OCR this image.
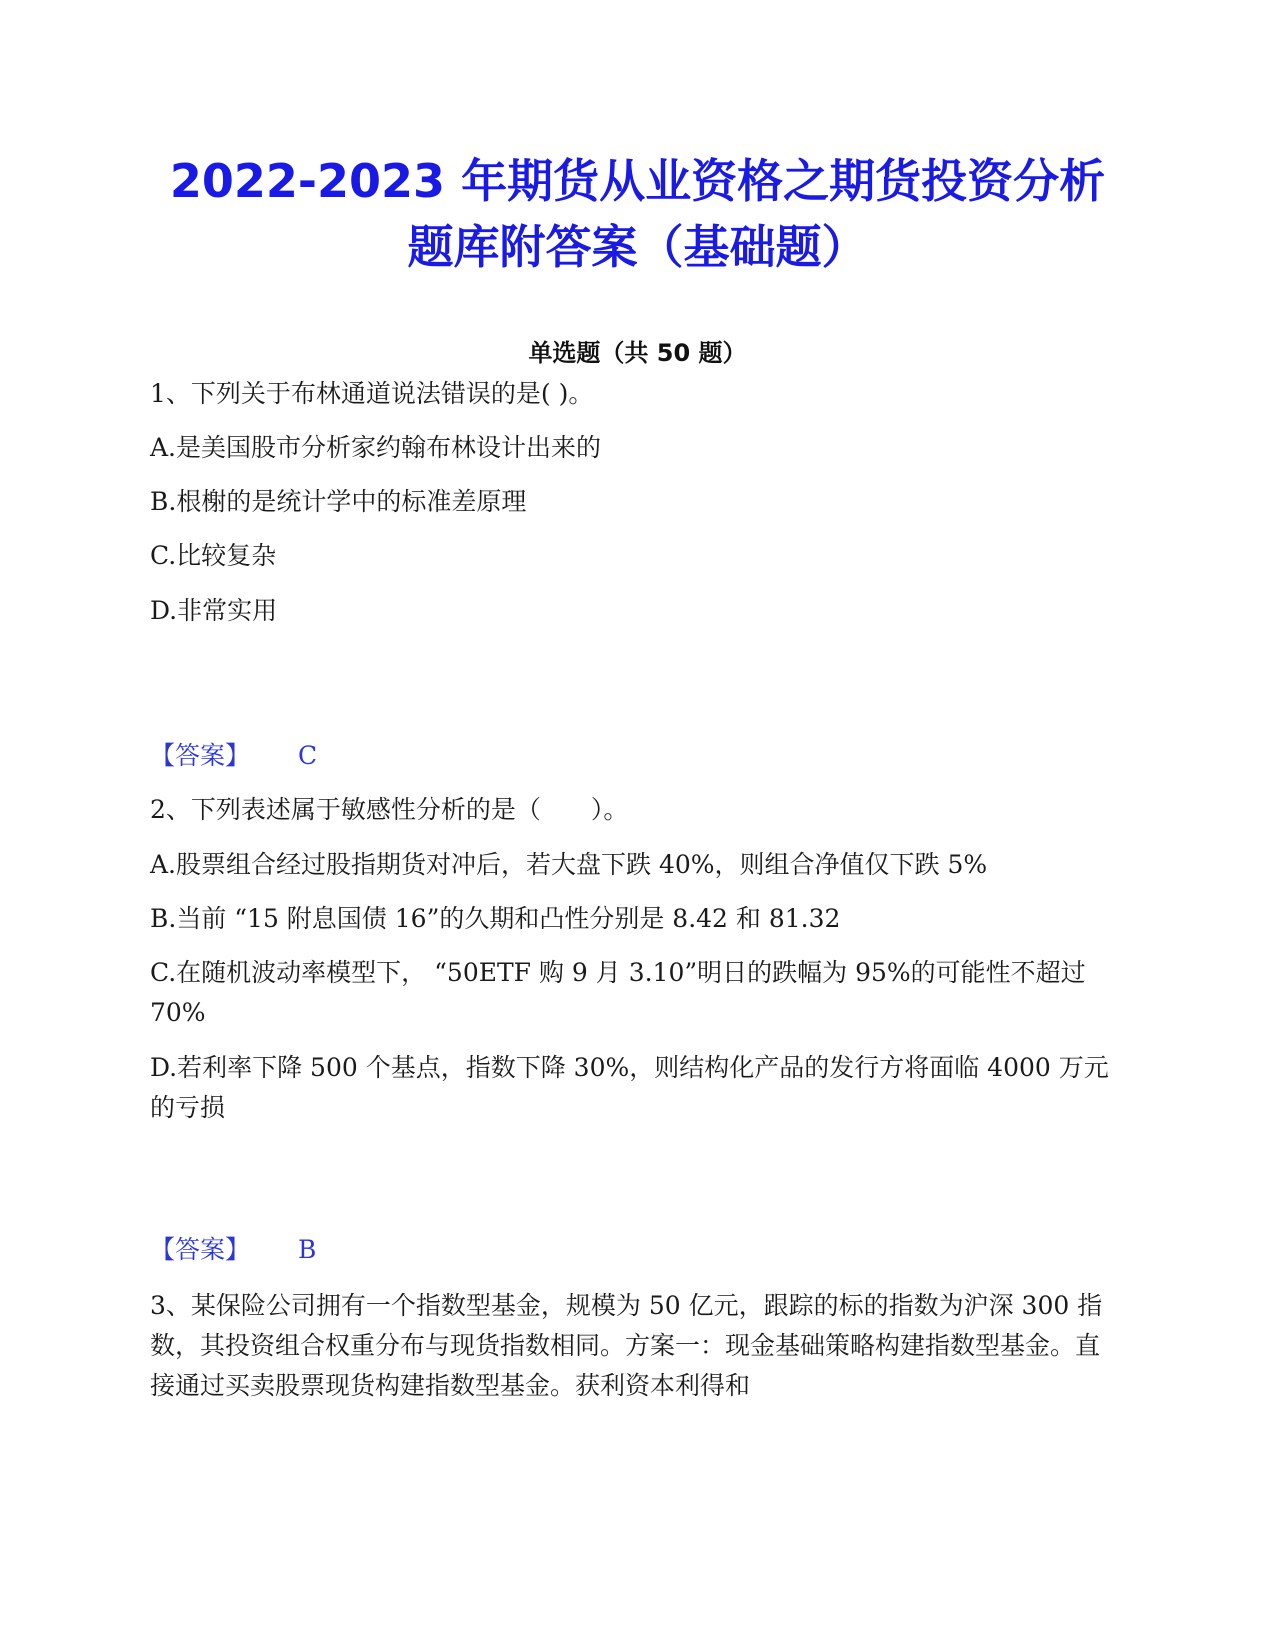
2022-2023 年期货从业资格之期货投资分析
题库附答案（基础题）
单选题（共 50 题）
1、下列关于布林通道说法错误的是( )。
A.是美国股市分析家约翰布林设计出来的
B.根榭的是统计学中的标准差原理
C.比较复杂
D.非常实用
【答案】 C
2、下列表述属于敏感性分析的是（　　）。
A.股票组合经过股指期货对冲后，若大盘下跌 40%，则组合净值仅下跌 5%
B.当前 “15 附息国债 16”的久期和凸性分别是 8.42 和 81.32
C.在随机波动率模型下， “50ETF 购 9 月 3.10”明日的跌幅为 95%的可能性不超过 70%
D.若利率下降 500 个基点，指数下降 30%，则结构化产品的发行方将面临 4000 万元的亏损
【答案】 B
3、某保险公司拥有一个指数型基金，规模为 50 亿元，跟踪的标的指数为沪深 300 指数，其投资组合权重分布与现货指数相同。方案一：现金基础策略构建指数型基金。直接通过买卖股票现货构建指数型基金。获利资本利得和
